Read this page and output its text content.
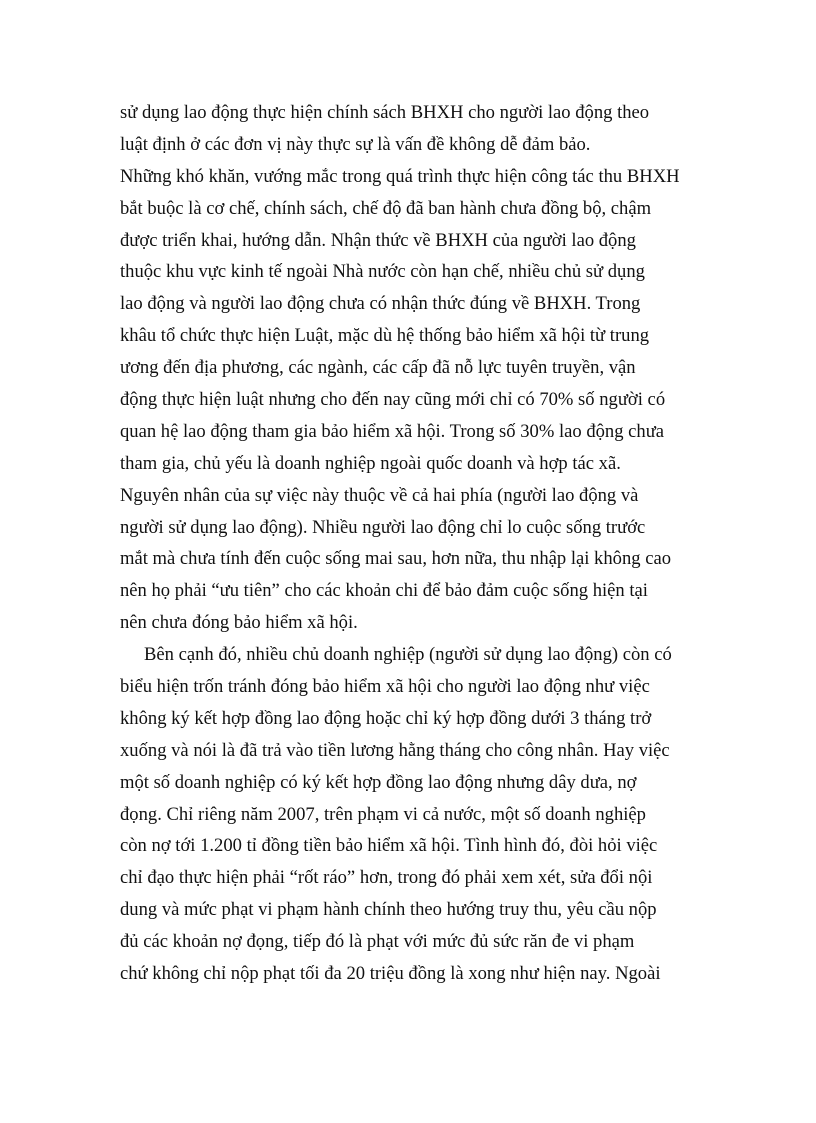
sử dụng lao động thực hiện chính sách BHXH cho người lao động theo
luật định ở các đơn vị này thực sự là vấn đề không dễ đảm bảo.
Những khó khăn, vướng mắc trong quá trình thực hiện công tác thu BHXH
bắt buộc là cơ chế, chính sách, chế độ đã ban hành chưa đồng bộ, chậm
được triển khai, hướng dẫn. Nhận thức về BHXH của người lao động
thuộc khu vực kinh tế ngoài Nhà nước còn hạn chế, nhiều chủ sử dụng
lao động và người lao động chưa có nhận thức đúng về BHXH. Trong
khâu tổ chức thực hiện Luật, mặc dù hệ thống bảo hiểm xã hội từ trung
ương đến địa phương, các ngành, các cấp đã nỗ lực tuyên truyền, vận
động thực hiện luật nhưng cho đến nay cũng mới chỉ có 70% số người có
quan hệ lao động tham gia bảo hiểm xã hội. Trong số 30% lao động chưa
tham gia, chủ yếu là doanh nghiệp ngoài quốc doanh và hợp tác xã.
Nguyên nhân của sự việc này thuộc về cả hai phía (người lao động và
người sử dụng lao động). Nhiều người lao động chỉ lo cuộc sống trước
mắt mà chưa tính đến cuộc sống mai sau, hơn nữa, thu nhập lại không cao
nên họ phải “ưu tiên” cho các khoản chi để bảo đảm cuộc sống hiện tại
nên chưa đóng bảo hiểm xã hội.
Bên cạnh đó, nhiều chủ doanh nghiệp (người sử dụng lao động) còn có
biểu hiện trốn tránh đóng bảo hiểm xã hội cho người lao động như việc
không ký kết hợp đồng lao động hoặc chỉ ký hợp đồng dưới 3 tháng trở
xuống và nói là đã trả vào tiền lương hằng tháng cho công nhân. Hay việc
một số doanh nghiệp có ký kết hợp đồng lao động nhưng dây dưa, nợ
đọng. Chỉ riêng năm 2007, trên phạm vi cả nước, một số doanh nghiệp
còn nợ tới 1.200 tỉ đồng tiền bảo hiểm xã hội. Tình hình đó, đòi hỏi việc
chỉ đạo thực hiện phải “rốt ráo” hơn, trong đó phải xem xét, sửa đổi nội
dung và mức phạt vi phạm hành chính theo hướng truy thu, yêu cầu nộp
đủ các khoản nợ đọng, tiếp đó là phạt với mức đủ sức răn đe vi phạm
chứ không chỉ nộp phạt tối đa 20 triệu đồng là xong như hiện nay. Ngoài
